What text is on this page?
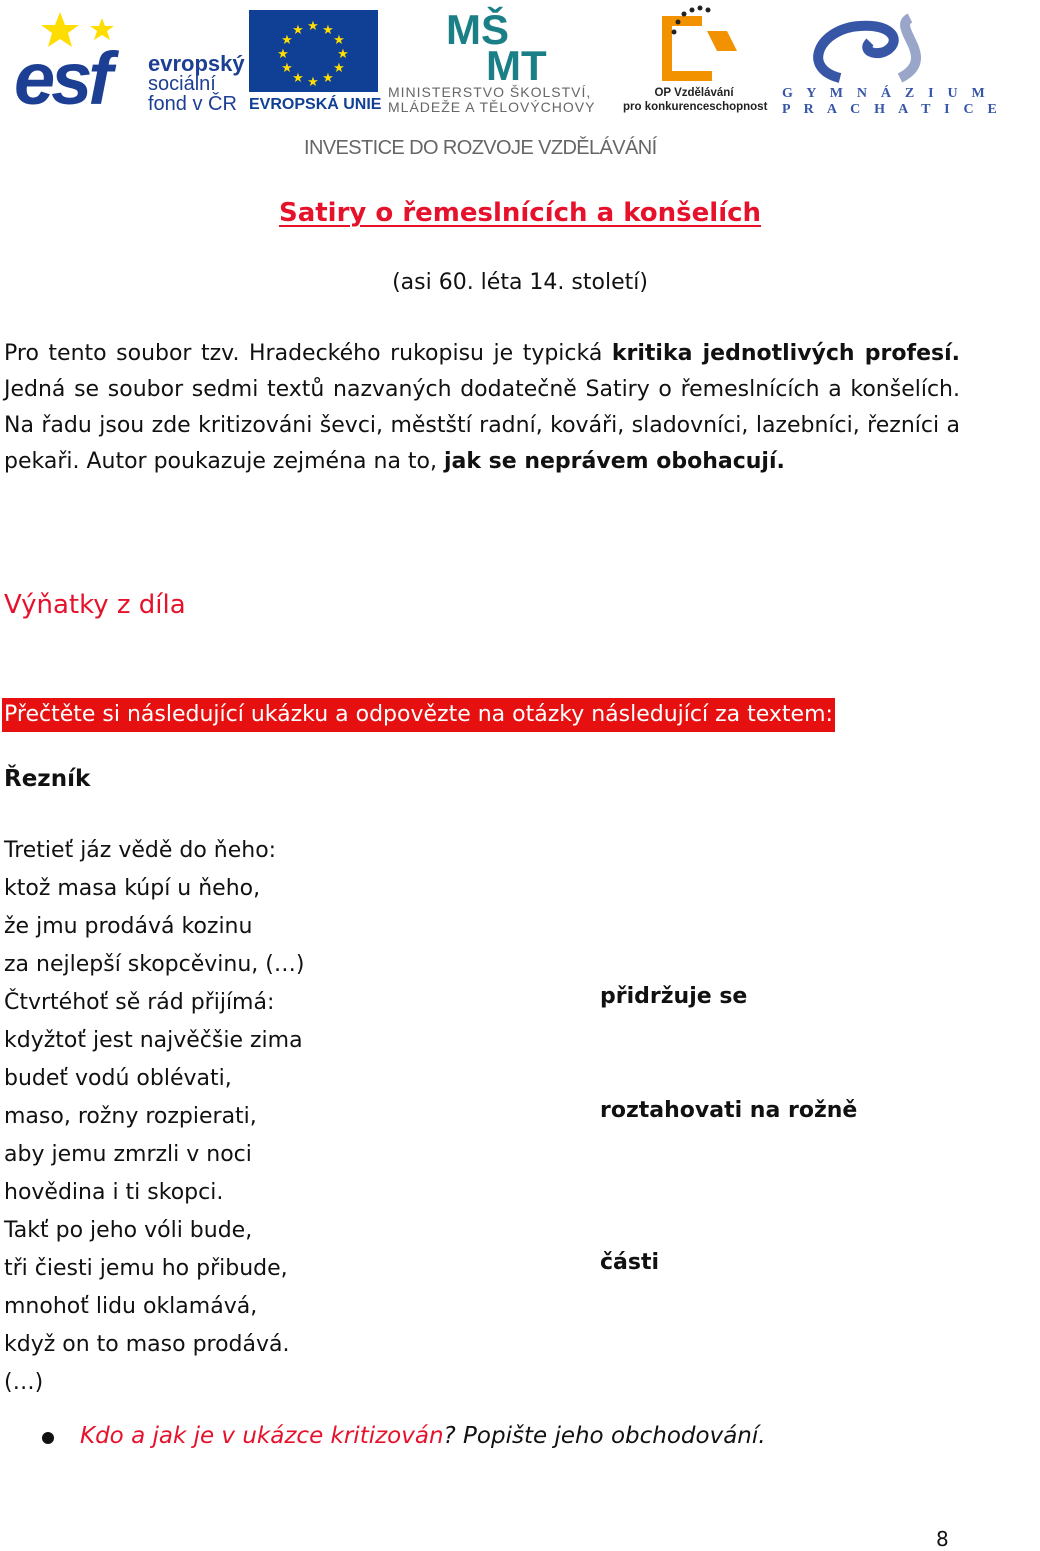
esf evropský
sociální
fond v ČR
★ ★
★
★
★
★
★
★
★
★
★
★
EVROPSKÁ UNIE
MŠ
MT
MINISTERSTVO ŠKOLSTVÍ,
MLÁDEŽE A TĚLOVÝCHOVY
OP Vzdělávání
pro konkurenceschopnost
G Y M N Á Z I U M
P R A C H A T I C E
INVESTICE DO ROZVOJE VZDĚLÁVÁNÍ
Satiry o řemeslnících a konšelích
(asi 60. léta 14. století)
Pro tento soubor tzv. Hradeckého rukopisu je typická kritika jednotlivých profesí. Jedná se soubor sedmi textů nazvaných dodatečně Satiry o řemeslnících a konšelích. Na řadu jsou zde kritizováni ševci, městští radní, kováři, sladovníci, lazebníci, řezníci a pekaři. Autor poukazuje zejména na to, jak se neprávem obohacují.
Výňatky z díla
Přečtěte si následující ukázku a odpovězte na otázky následující za textem:
Řezník
Tretieť jáz vědě do ňeho:
ktož masa kúpí u ňeho,
že jmu prodává kozinu
za nejlepší skopcěvinu, (…)
Čtvrtéhoť sě rád přijímá:
kdyžtoť jest najvěčšie zima
budeť vodú oblévati,
maso, rožny rozpierati,
aby jemu zmrzli v noci
hovědina i ti skopci.
Takť po jeho vóli bude,
tři čiesti jemu ho přibude,
mnohoť lidu oklamává,
když on to maso prodává.
(…)
přidržuje se
roztahovati na rožně
části
Kdo a jak je v ukázce kritizován? Popište jeho obchodování.
8
